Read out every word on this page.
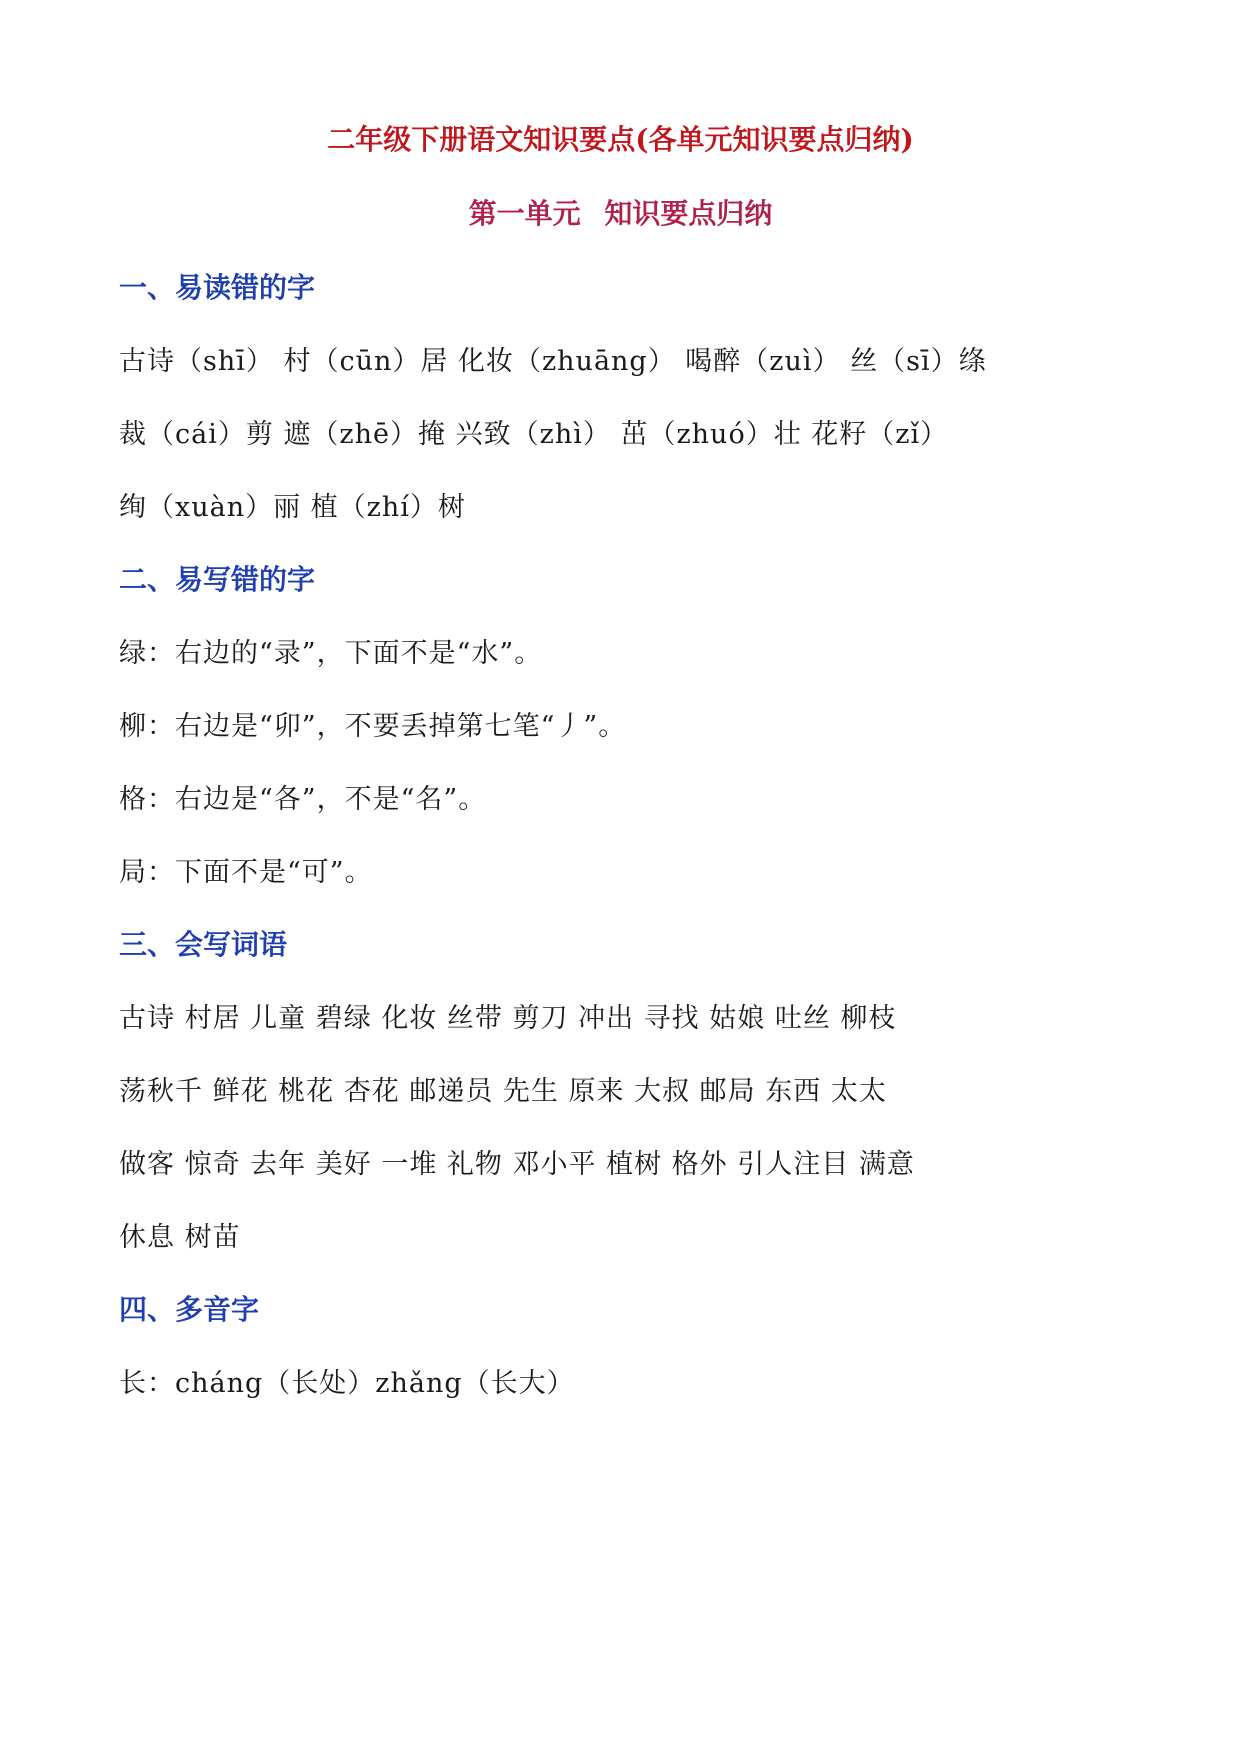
二年级下册语文知识要点(各单元知识要点归纳)
第一单元 知识要点归纳
一、易读错的字
古诗（shī） 村（cūn）居 化妆（zhuāng） 喝醉（zuì） 丝（sī）绦
裁（cái）剪 遮（zhē）掩 兴致（zhì） 茁（zhuó）壮 花籽（zǐ）
绚（xuàn）丽 植（zhí）树
二、易写错的字
绿：右边的“录”，下面不是“水”。
柳：右边是“卯”，不要丢掉第七笔“丿”。
格：右边是“各”，不是“名”。
局：下面不是“可”。
三、会写词语
古诗 村居 儿童 碧绿 化妆 丝带 剪刀 冲出 寻找 姑娘 吐丝 柳枝
荡秋千 鲜花 桃花 杏花 邮递员 先生 原来 大叔 邮局 东西 太太
做客 惊奇 去年 美好 一堆 礼物 邓小平 植树 格外 引人注目 满意
休息 树苗
四、多音字
长：cháng（长处）zhǎng（长大）
